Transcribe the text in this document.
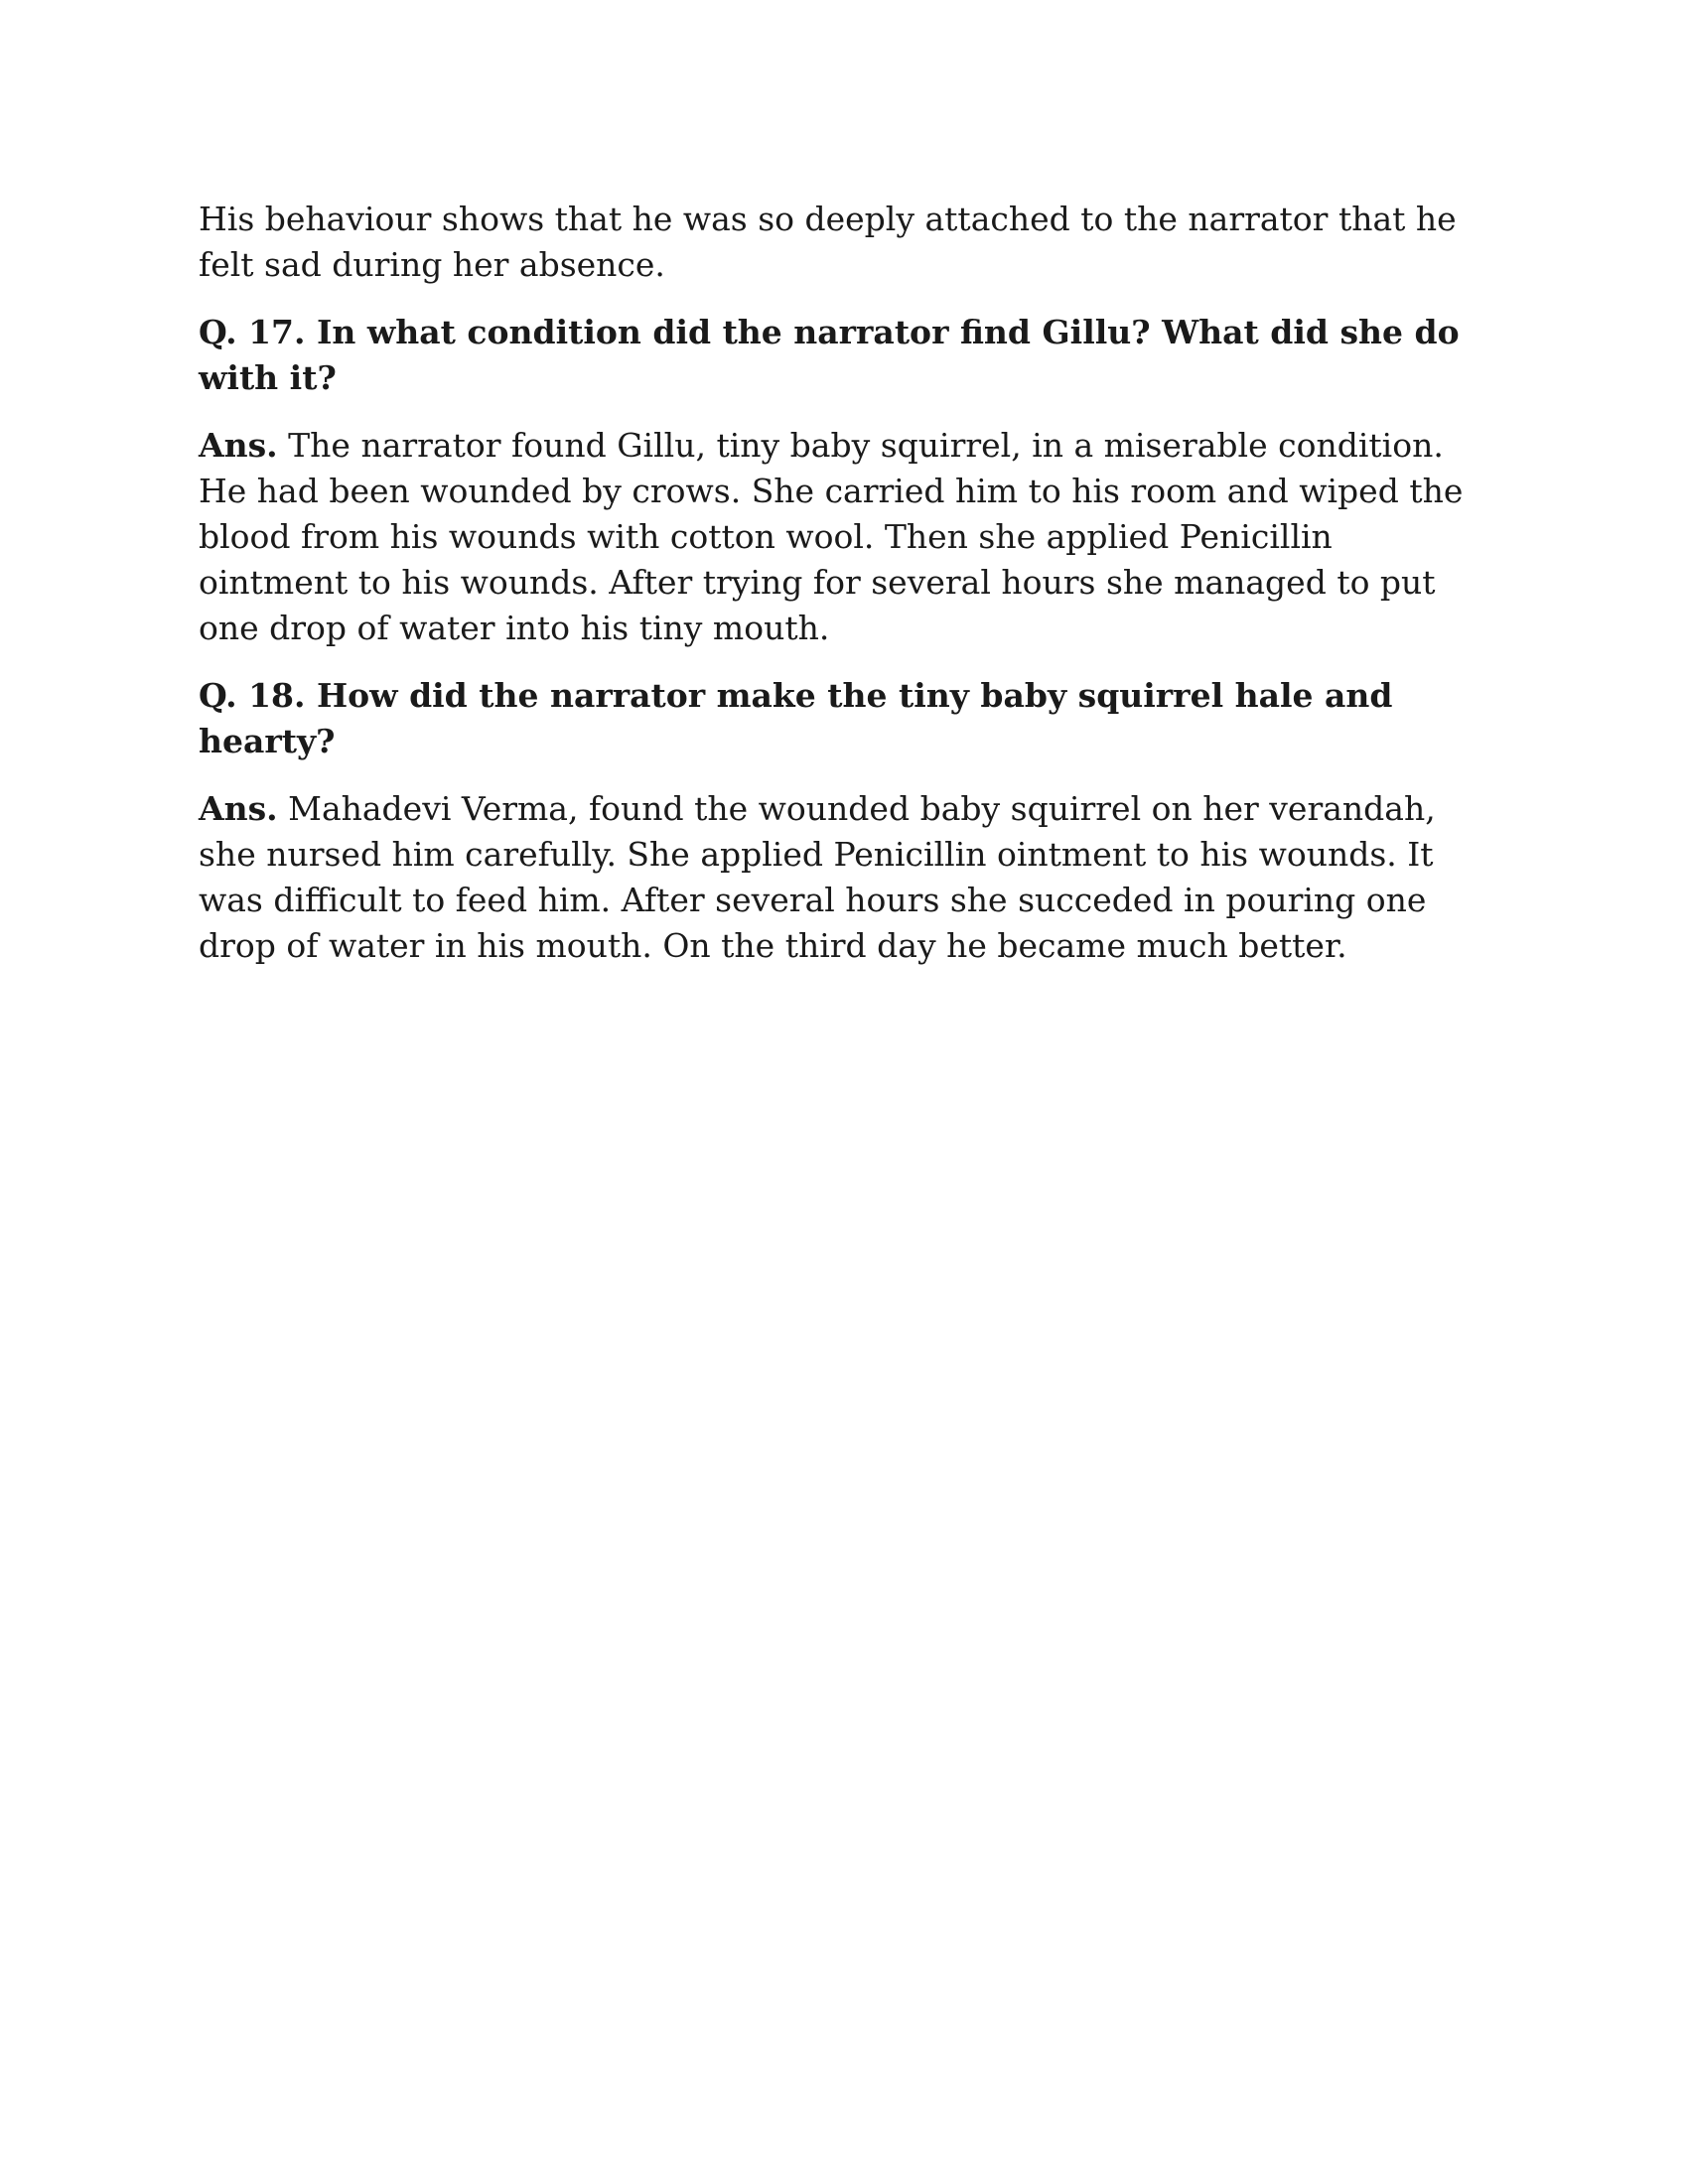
His behaviour shows that he was so deeply attached to the narrator that he felt sad during her absence.

Q. 17. In what condition did the narrator find Gillu? What did she do with it?

Ans. The narrator found Gillu, tiny baby squirrel, in a miserable condition. He had been wounded by crows. She carried him to his room and wiped the blood from his wounds with cotton wool. Then she applied Penicillin ointment to his wounds. After trying for several hours she managed to put one drop of water into his tiny mouth.

Q. 18. How did the narrator make the tiny baby squirrel hale and hearty?

Ans. Mahadevi Verma, found the wounded baby squirrel on her verandah, she nursed him carefully. She applied Penicillin ointment to his wounds. It was difficult to feed him. After several hours she succeded in pouring one drop of water in his mouth. On the third day he became much better.
